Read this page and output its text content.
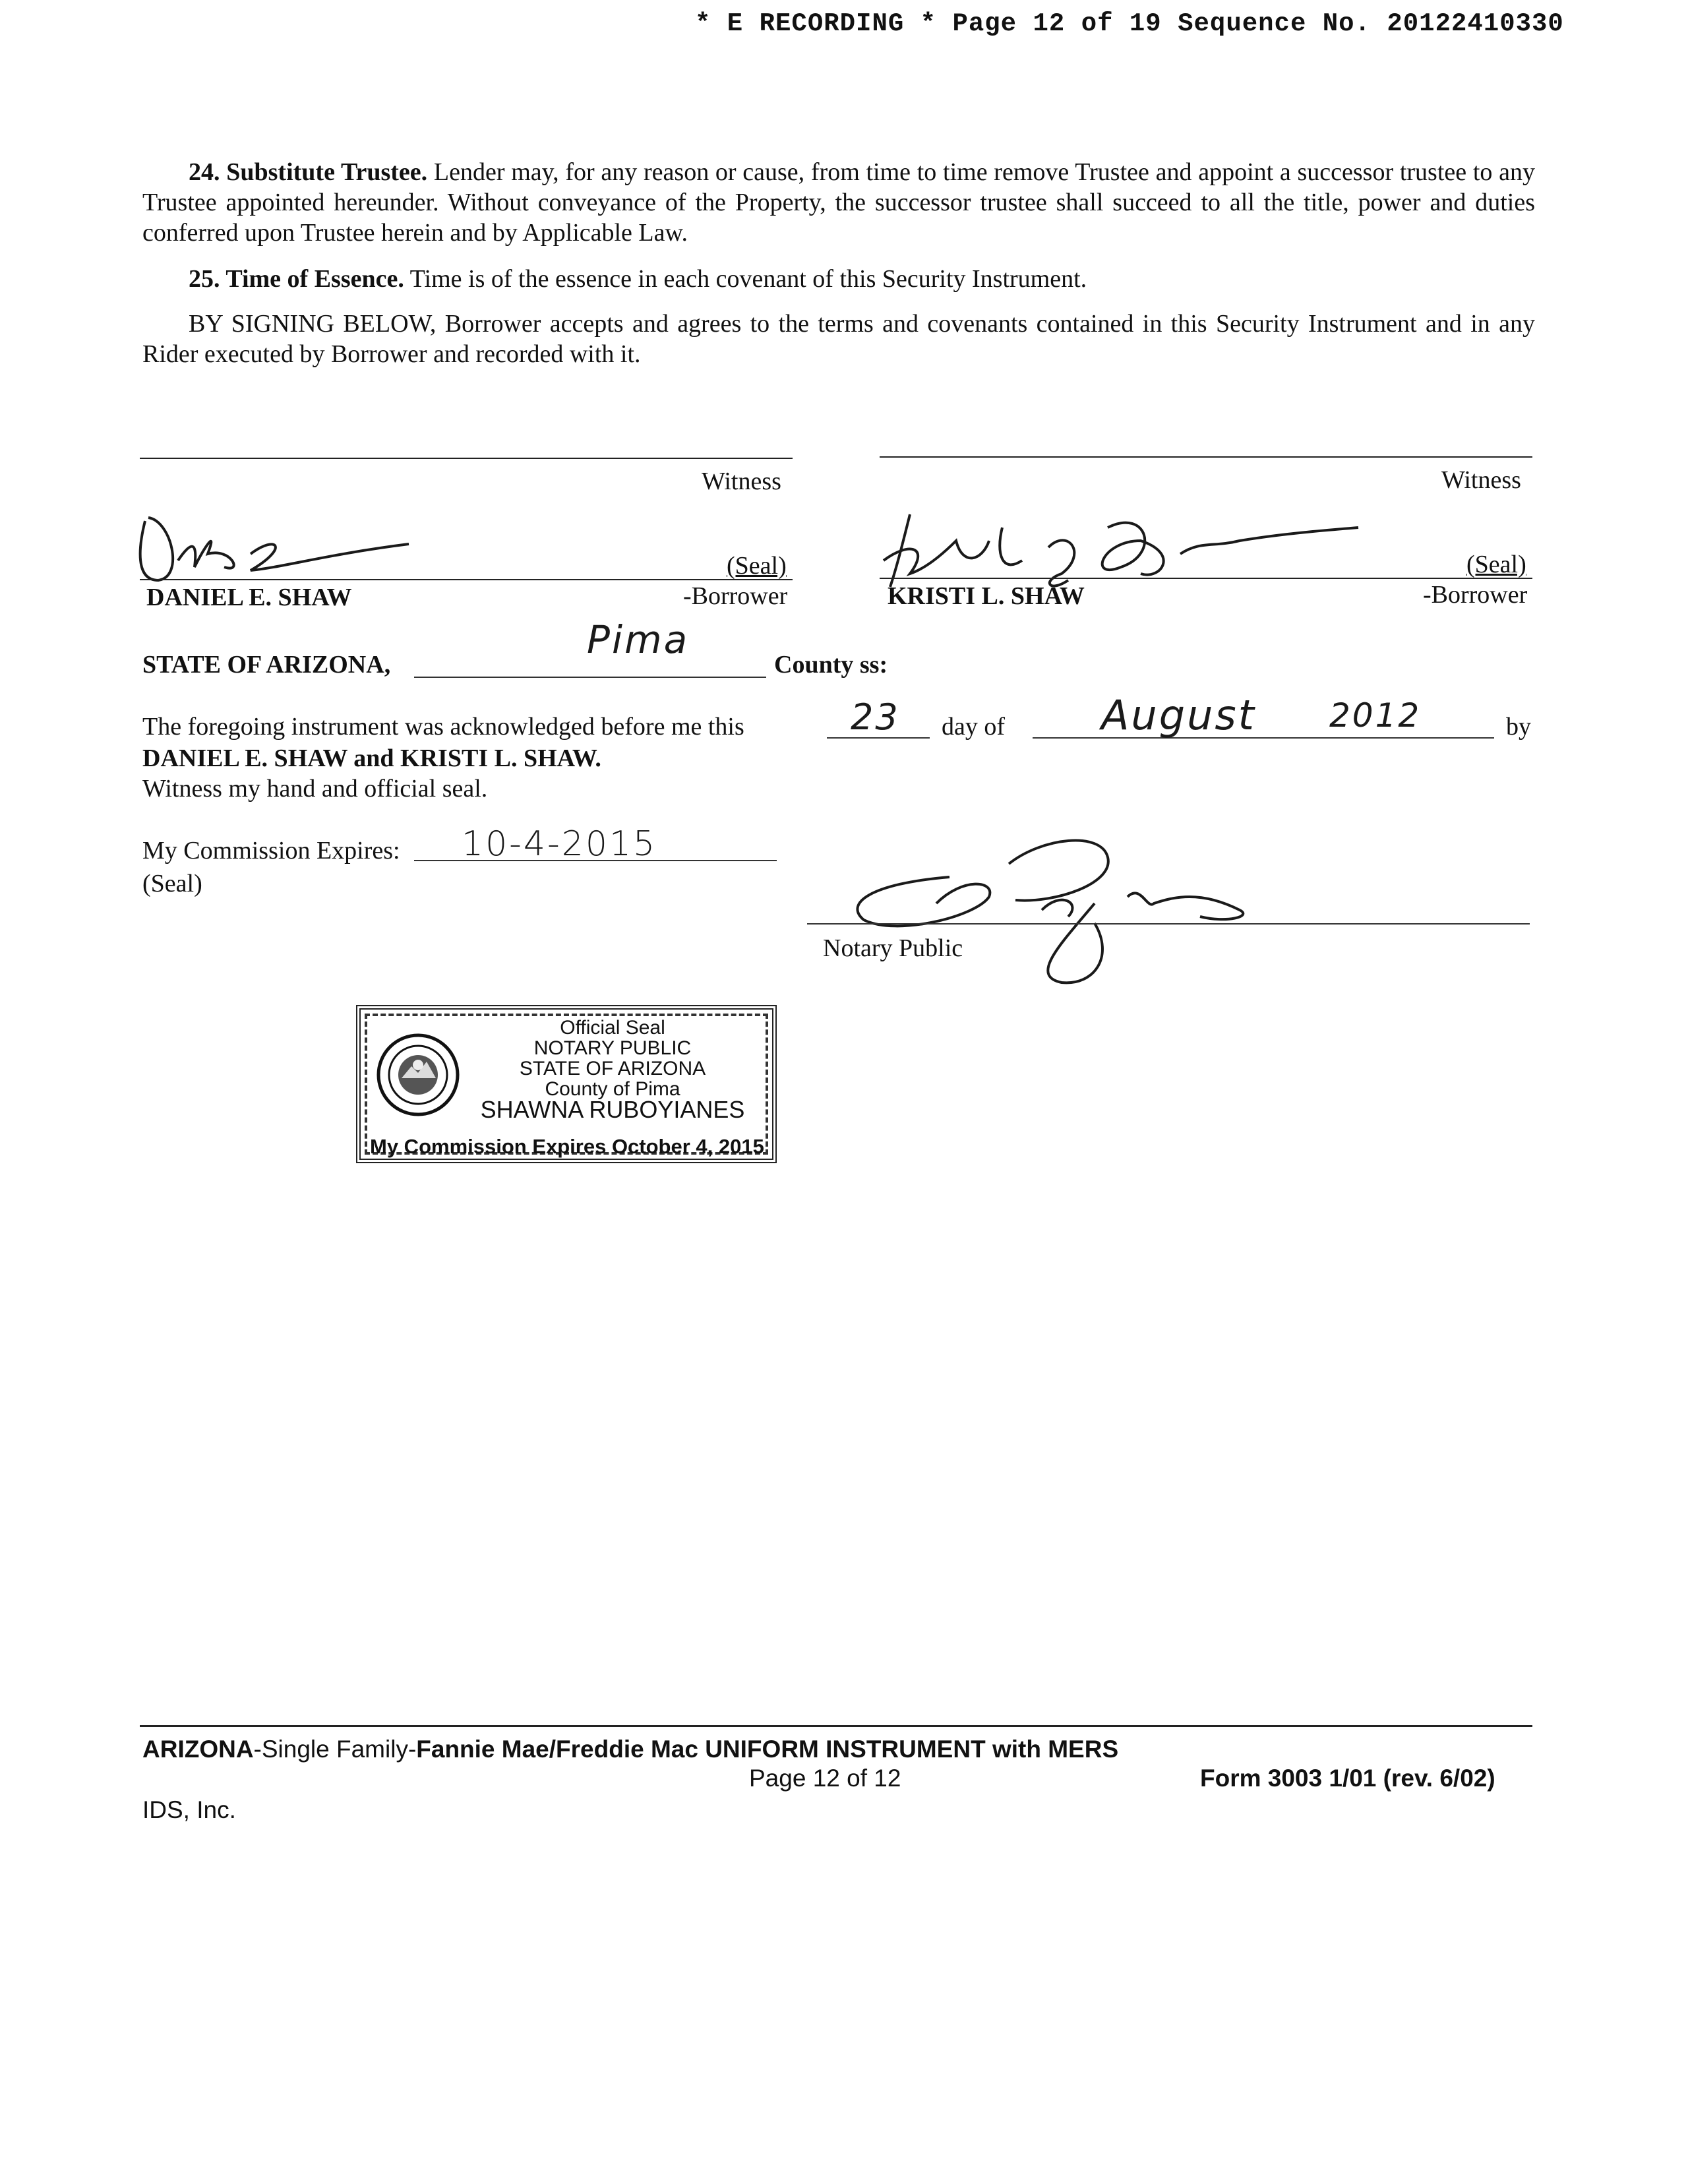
* E RECORDING * Page 12 of 19 Sequence No. 20122410330
24. Substitute Trustee. Lender may, for any reason or cause, from time to time remove Trustee and appoint a successor trustee to any Trustee appointed hereunder. Without conveyance of the Property, the successor trustee shall succeed to all the title, power and duties conferred upon Trustee herein and by Applicable Law.
25. Time of Essence. Time is of the essence in each covenant of this Security Instrument.
BY SIGNING BELOW, Borrower accepts and agrees to the terms and covenants contained in this Security Instrument and in any Rider executed by Borrower and recorded with it.
Witness	Witness
(Seal)
DANIEL E. SHAW	-Borrower
(Seal)
KRISTI L. SHAW	-Borrower
STATE OF ARIZONA,
Pima
County ss:
The foregoing instrument was acknowledged before me this	23 day of August 2012	by
DANIEL E. SHAW and KRISTI L. SHAW.
Witness my hand and official seal.
My Commission Expires: 10-4-2015
(Seal)
Notary Public
Official Seal
NOTARY PUBLIC
STATE OF ARIZONA
County of Pima
SHAWNA RUBOYIANES
My Commission Expires October 4, 2015
ARIZONA-Single Family-Fannie Mae/Freddie Mac UNIFORM INSTRUMENT with MERS
Page 12 of 12	Form 3003 1/01 (rev. 6/02)
IDS, Inc.
